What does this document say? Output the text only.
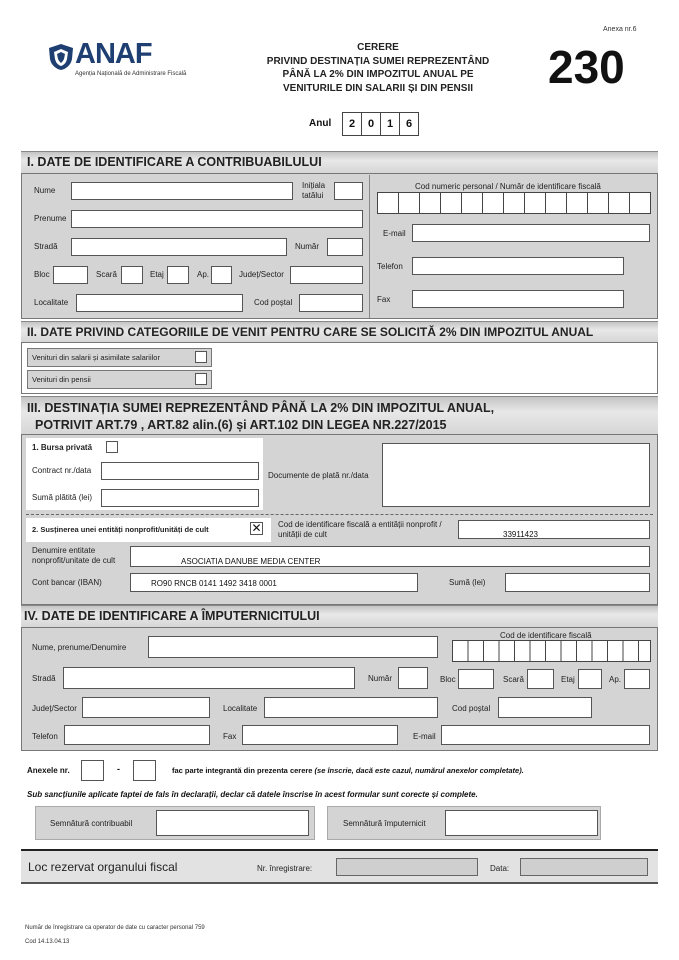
Anexa nr.6
230
ANAF
Agenția Națională de Administrare Fiscală
CERERE
PRIVIND DESTINAȚIA SUMEI REPREZENTÂND
PÂNĂ LA 2% DIN IMPOZITUL ANUAL PE
VENITURILE DIN SALARII ȘI DIN PENSII
Anul	2	0	1	6
I. DATE DE IDENTIFICARE A CONTRIBUABILULUI
Nume
Inițiala
tatălui
Prenume
Stradă	Număr
Bloc	Scară	Etaj	Ap.	Județ/Sector
Localitate	Cod poștal
Cod numeric personal / Număr de identificare fiscală
E-mail
Telefon
Fax
II. DATE PRIVIND CATEGORIILE DE VENIT PENTRU CARE SE SOLICITĂ 2% DIN IMPOZITUL ANUAL
Venituri din salarii și asimilate salariilor
Venituri din pensii
III. DESTINAȚIA SUMEI REPREZENTÂND PÂNĂ LA 2% DIN IMPOZITUL ANUAL,
POTRIVIT ART.79 , ART.82 alin.(6) și ART.102 DIN LEGEA NR.227/2015
1. Bursa privată
Contract nr./data
Sumă plătită (lei)
Documente de plată nr./data
2. Susținerea unei entități nonprofit/unități de cult	✕ Cod de identificare fiscală a entității nonprofit /
unității de cult	33911423
Denumire entitate
nonprofit/unitate de cult	ASOCIATIA DANUBE MEDIA CENTER
Cont bancar (IBAN)	RO90 RNCB 0141 1492 3418 0001	Sumă (lei)
IV. DATE DE IDENTIFICARE A ÎMPUTERNICITULUI
Cod de identificare fiscală
Nume, prenume/Denumire
Stradă	Număr	Bloc	Scară	Etaj	Ap.
Județ/Sector	Localitate	Cod poștal
Telefon	Fax	E-mail
Anexele nr.	-	fac parte integrantă din prezenta cerere (se înscrie, dacă este cazul, numărul anexelor completate).
Sub sancțiunile aplicate faptei de fals în declarații, declar că datele înscrise în acest formular sunt corecte și complete.
Semnătură contribuabil	Semnătură împuternicit
Loc rezervat organului fiscal	Nr. înregistrare:	Data:
Număr de înregistrare ca operator de date cu caracter personal 759
Cod 14.13.04.13
